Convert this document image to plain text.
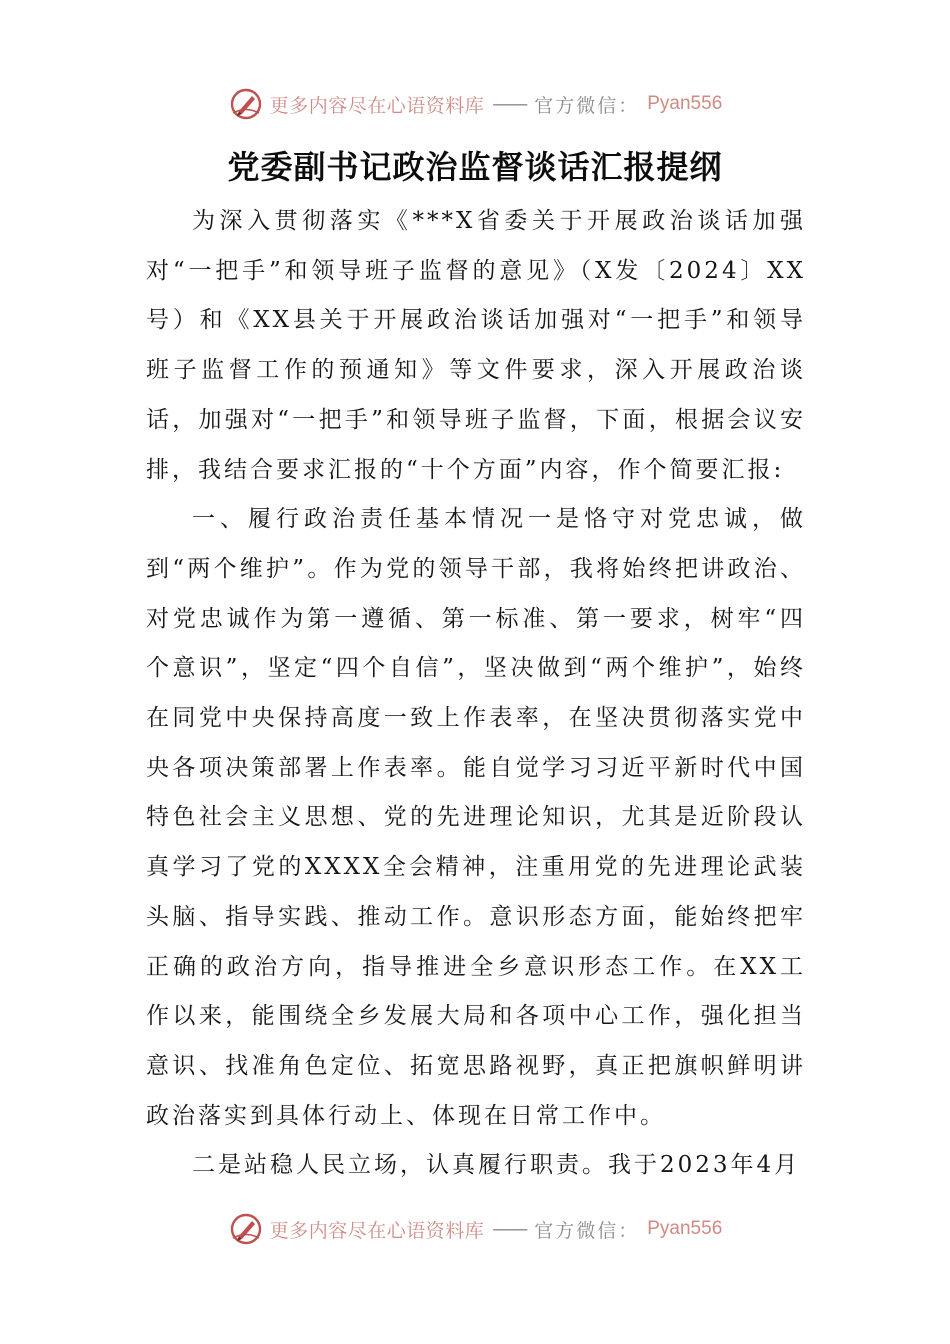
更多内容尽在心语资料库 —— 官方微信： Pyan556
党委副书记政治监督谈话汇报提纲

为深入贯彻落实《***X省委关于开展政治谈话加强对“一把手”和领导班子监督的意见》（X发〔2024〕XX号）和《XX县关于开展政治谈话加强对“一把手”和领导班子监督工作的预通知》等文件要求，深入开展政治谈话，加强对“一把手”和领导班子监督，下面，根据会议安排，我结合要求汇报的“十个方面”内容，作个简要汇报:

一、履行政治责任基本情况一是恪守对党忠诚，做到“两个维护”。作为党的领导干部，我将始终把讲政治、对党忠诚作为第一遵循、第一标准、第一要求，树牢“四个意识”，坚定“四个自信”，坚决做到“两个维护”，始终在同党中央保持高度一致上作表率，在坚决贯彻落实党中央各项决策部署上作表率。能自觉学习习近平新时代中国特色社会主义思想、党的先进理论知识，尤其是近阶段认真学习了党的XXXX全会精神，注重用党的先进理论武装头脑、指导实践、推动工作。意识形态方面，能始终把牢正确的政治方向，指导推进全乡意识形态工作。在XX工作以来，能围绕全乡发展大局和各项中心工作，强化担当意识、找准角色定位、拓宽思路视野，真正把旗帜鲜明讲政治落实到具体行动上、体现在日常工作中。

二是站稳人民立场，认真履行职责。我于2023年4月

更多内容尽在心语资料库 —— 官方微信： Pyan556
